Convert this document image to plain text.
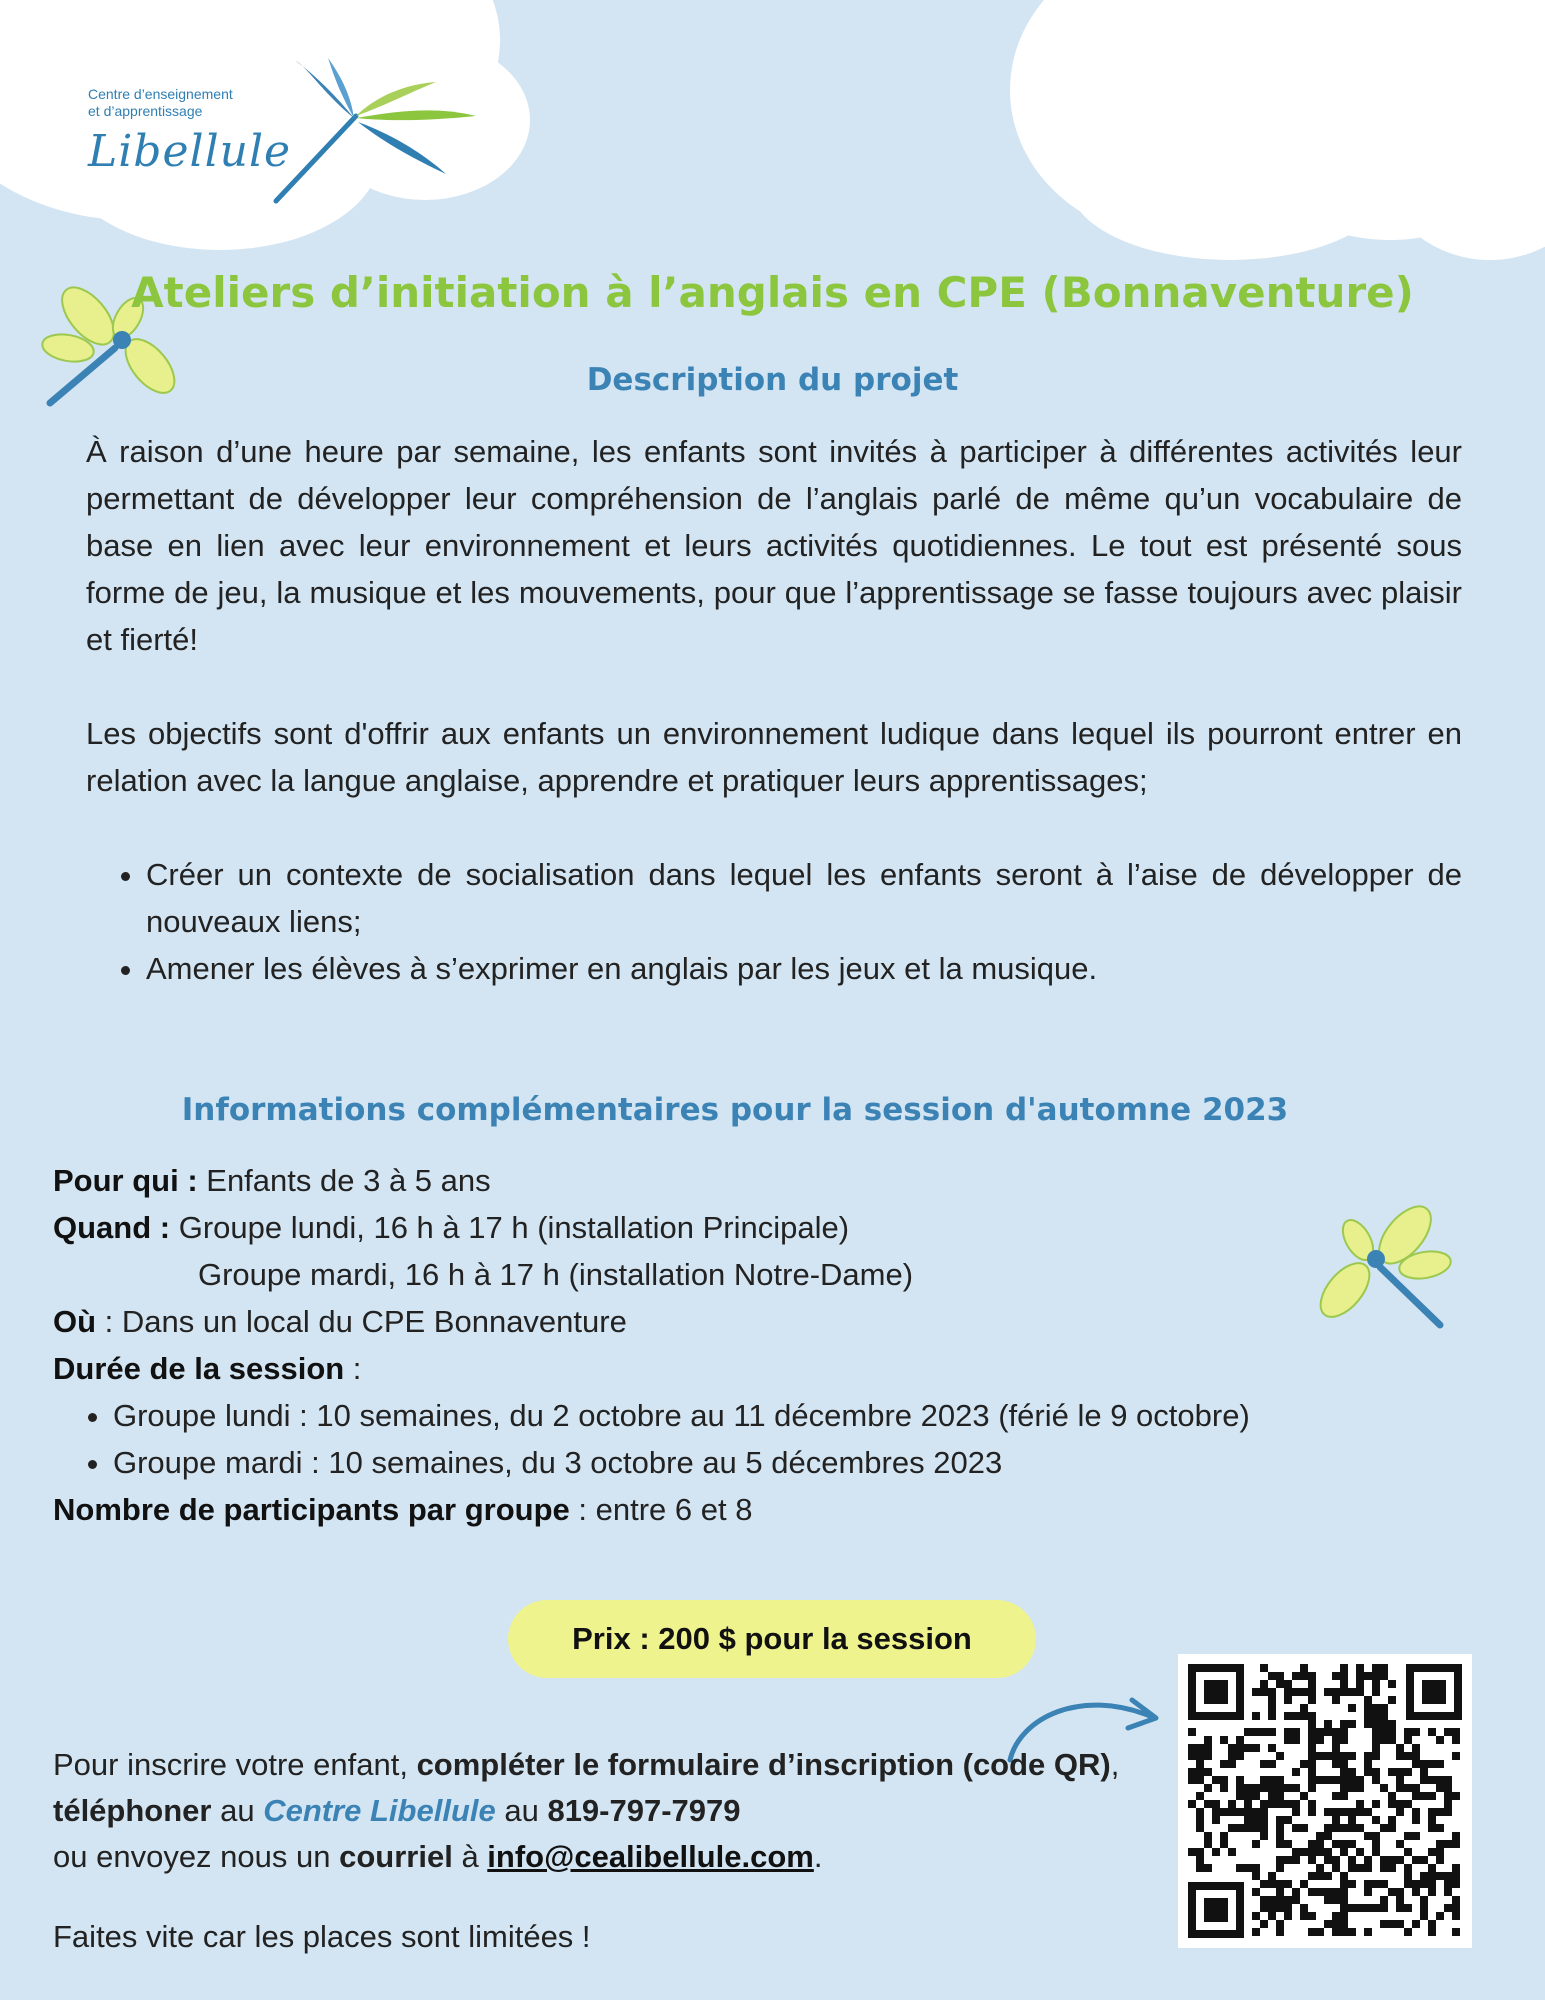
Centre d’enseignement
et d’apprentissage
Libellule
Ateliers d’initiation à l’anglais en CPE (Bonnaventure)
Description du projet

À raison d’une heure par semaine, les enfants sont invités à participer à différentes activités leur permettant de développer leur compréhension de l’anglais parlé de même qu’un vocabulaire de base en lien avec leur environnement et leurs activités quotidiennes. Le tout est présenté sous forme de jeu, la musique et les mouvements, pour que l’apprentissage se fasse toujours avec plaisir et fierté!

Les objectifs sont d'offrir aux enfants un environnement ludique dans lequel ils pourront entrer en relation avec la langue anglaise, apprendre et pratiquer leurs apprentissages;

• Créer un contexte de socialisation dans lequel les enfants seront à l’aise de développer de nouveaux liens;
• Amener les élèves à s’exprimer en anglais par les jeux et la musique.
Informations complémentaires pour la session d'automne 2023
Pour qui : Enfants de 3 à 5 ans
Quand : Groupe lundi, 16 h à 17 h (installation Principale)
Groupe mardi, 16 h à 17 h (installation Notre-Dame)
Où : Dans un local du CPE Bonnaventure
Durée de la session :
• Groupe lundi : 10 semaines, du 2 octobre au 11 décembre 2023 (férié le 9 octobre)
• Groupe mardi : 10 semaines, du 3 octobre au 5 décembres 2023
Nombre de participants par groupe : entre 6 et 8
Prix : 200 $ pour la session

Pour inscrire votre enfant, compléter le formulaire d’inscription (code QR), téléphoner au Centre Libellule au 819-797-7979
ou envoyez nous un courriel à info@cealibellule.com.

Faites vite car les places sont limitées !
